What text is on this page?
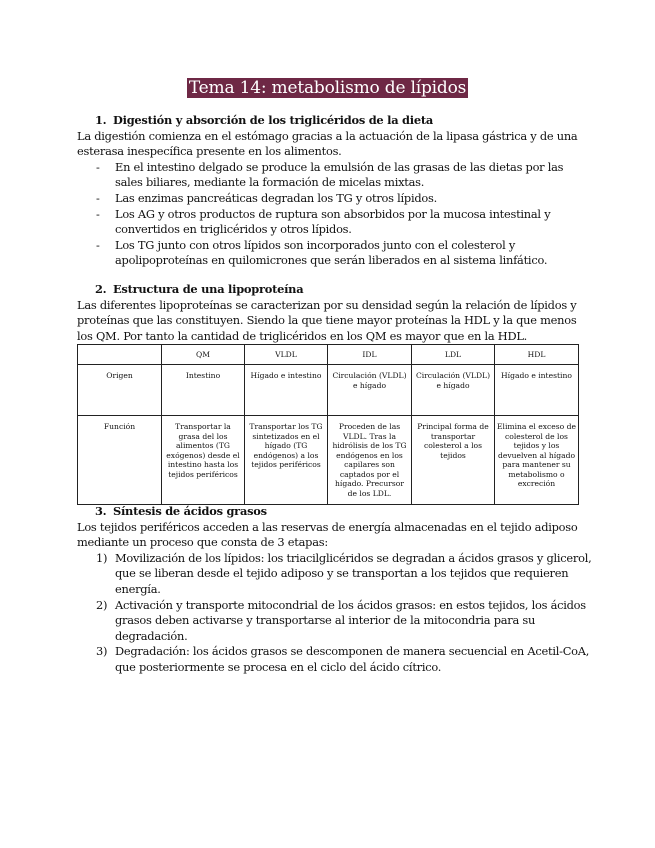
Tema 14: metabolismo de lípidos
1. Digestión y absorción de los triglicéridos de la dieta

La digestión comienza en el estómago gracias a la actuación de la lipasa gástrica y de una esterasa inespecífica presente en los alimentos.

- En el intestino delgado se produce la emulsión de las grasas de las dietas por las sales biliares, mediante la formación de micelas mixtas.
- Las enzimas pancreáticas degradan los TG y otros lípidos.
- Los AG y otros productos de ruptura son absorbidos por la mucosa intestinal y convertidos en triglicéridos y otros lípidos.
- Los TG junto con otros lípidos son incorporados junto con el colesterol y apolipoproteínas en quilomicrones que serán liberados en al sistema linfático.
2. Estructura de una lipoproteína

Las diferentes lipoproteínas se caracterizan por su densidad según la relación de lípidos y proteínas que las constituyen. Siendo la que tiene mayor proteínas la HDL y la que menos los QM. Por tanto la cantidad de triglicéridos en los QM es mayor que en la HDL.

	QM	VLDL	IDL	LDL	HDL
Origen	Intestino	Hígado e intestino	Circulación (VLDL) e hígado	Circulación (VLDL) e hígado	Hígado e intestino
Función	Transportar la grasa del los alimentos (TG exógenos) desde el intestino hasta los tejidos periféricos	Transportar los TG sintetizados en el hígado (TG endógenos) a los tejidos periféricos	Proceden de las VLDL. Tras la hidrólisis de los TG endógenos en los capilares son captados por el hígado. Precursor de los LDL.	Principal forma de transportar colesterol a los tejidos	Elimina el exceso de colesterol de los tejidos y los devuelven al hígado para mantener su metabolismo o excreción
3. Síntesis de ácidos grasos

Los tejidos periféricos acceden a las reservas de energía almacenadas en el tejido adiposo mediante un proceso que consta de 3 etapas:

1) Movilización de los lípidos: los triacilglicéridos se degradan a ácidos grasos y glicerol, que se liberan desde el tejido adiposo y se transportan a los tejidos que requieren energía.
2) Activación y transporte mitocondrial de los ácidos grasos: en estos tejidos, los ácidos grasos deben activarse y transportarse al interior de la mitocondria para su degradación.
3) Degradación: los ácidos grasos se descomponen de manera secuencial en Acetil-CoA, que posteriormente se procesa en el ciclo del ácido cítrico.
